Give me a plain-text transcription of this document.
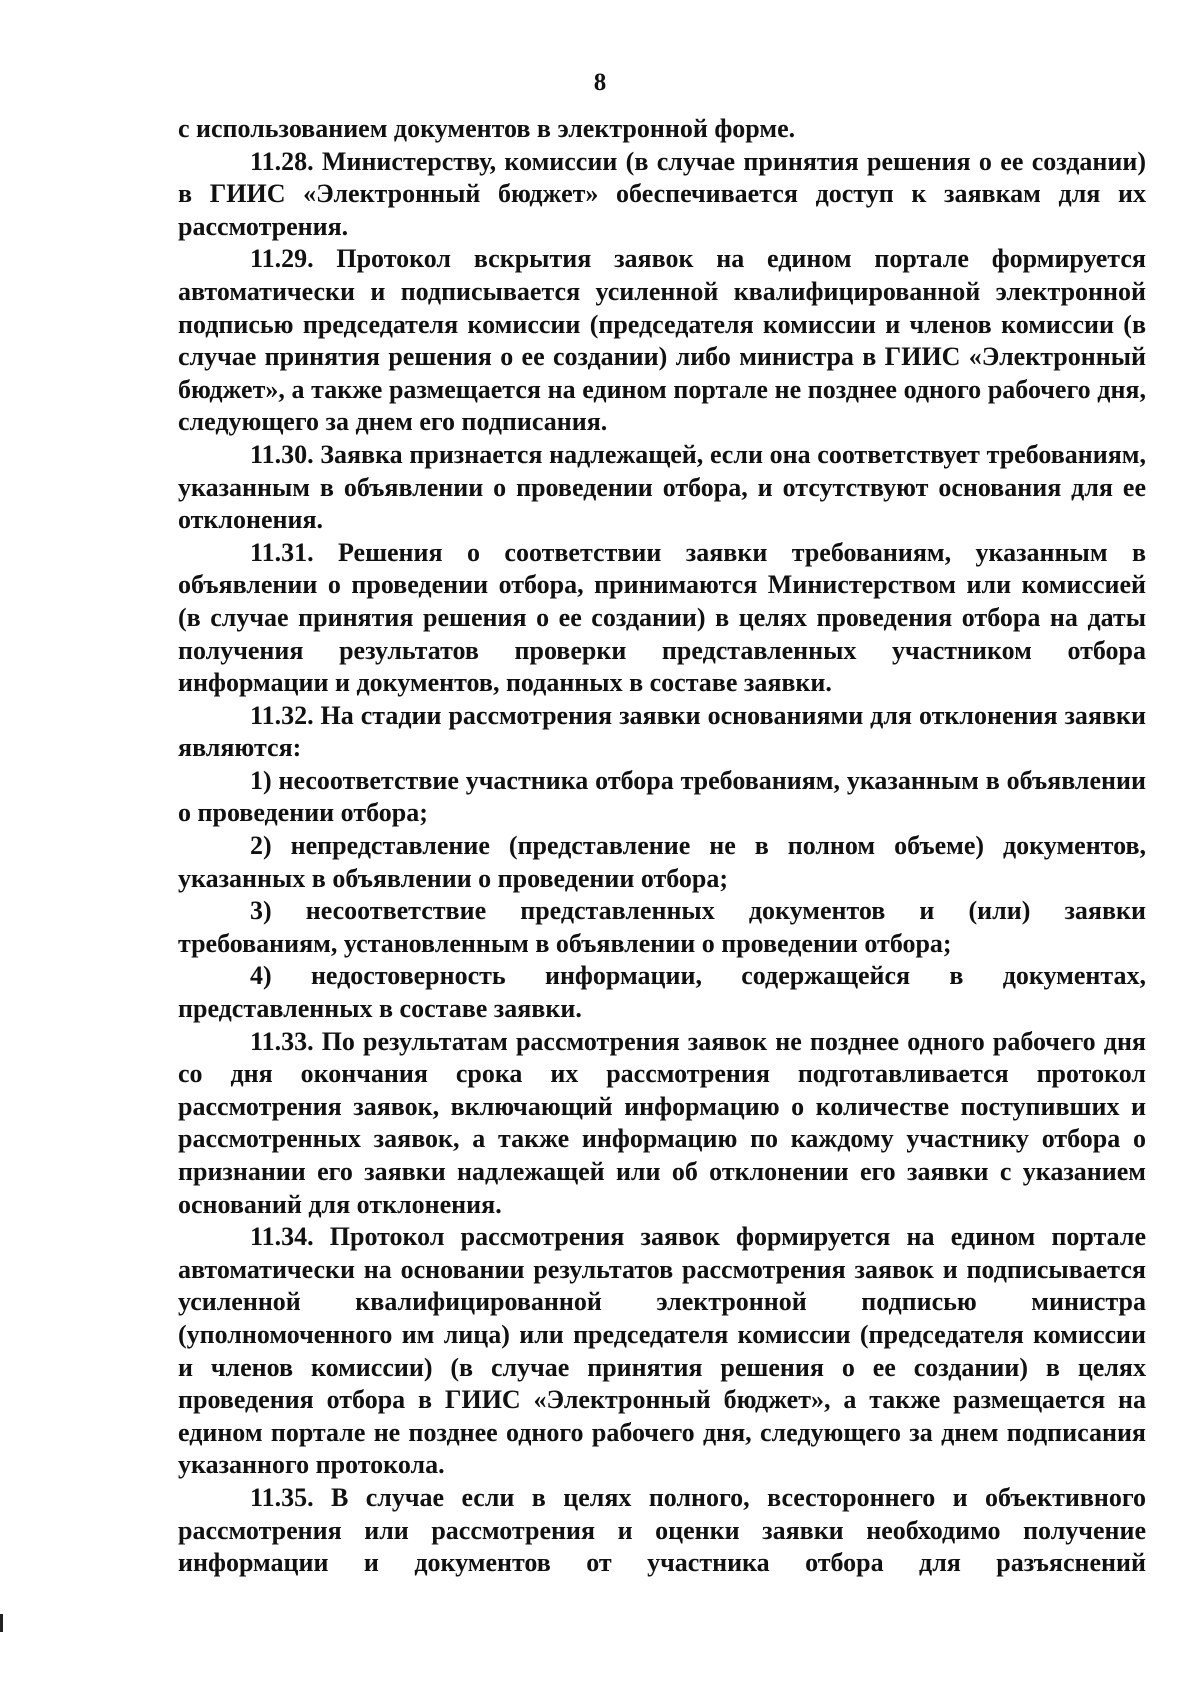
8

с использованием документов в электронной форме.

11.28. Министерству, комиссии (в случае принятия решения о ее создании) в ГИИС «Электронный бюджет» обеспечивается доступ к заявкам для их рассмотрения.

11.29. Протокол вскрытия заявок на едином портале формируется автоматически и подписывается усиленной квалифицированной электронной подписью председателя комиссии (председателя комиссии и членов комиссии (в случае принятия решения о ее создании) либо министра в ГИИС «Электронный бюджет», а также размещается на едином портале не позднее одного рабочего дня, следующего за днем его подписания.

11.30. Заявка признается надлежащей, если она соответствует требованиям, указанным в объявлении о проведении отбора, и отсутствуют основания для ее отклонения.

11.31. Решения о соответствии заявки требованиям, указанным в объявлении о проведении отбора, принимаются Министерством или комиссией (в случае принятия решения о ее создании) в целях проведения отбора на даты получения результатов проверки представленных участником отбора информации и документов, поданных в составе заявки.

11.32. На стадии рассмотрения заявки основаниями для отклонения заявки являются:

1) несоответствие участника отбора требованиям, указанным в объявлении о проведении отбора;

2) непредставление (представление не в полном объеме) документов, указанных в объявлении о проведении отбора;

3) несоответствие представленных документов и (или) заявки требованиям, установленным в объявлении о проведении отбора;

4) недостоверность информации, содержащейся в документах, представленных в составе заявки.

11.33. По результатам рассмотрения заявок не позднее одного рабочего дня со дня окончания срока их рассмотрения подготавливается протокол рассмотрения заявок, включающий информацию о количестве поступивших и рассмотренных заявок, а также информацию по каждому участнику отбора о признании его заявки надлежащей или об отклонении его заявки с указанием оснований для отклонения.

11.34. Протокол рассмотрения заявок формируется на едином портале автоматически на основании результатов рассмотрения заявок и подписывается усиленной квалифицированной электронной подписью министра (уполномоченного им лица) или председателя комиссии (председателя комиссии и членов комиссии) (в случае принятия решения о ее создании) в целях проведения отбора в ГИИС «Электронный бюджет», а также размещается на едином портале не позднее одного рабочего дня, следующего за днем подписания указанного протокола.

11.35. В случае если в целях полного, всестороннего и объективного рассмотрения или рассмотрения и оценки заявки необходимо получение информации и документов от участника отбора для разъяснений
